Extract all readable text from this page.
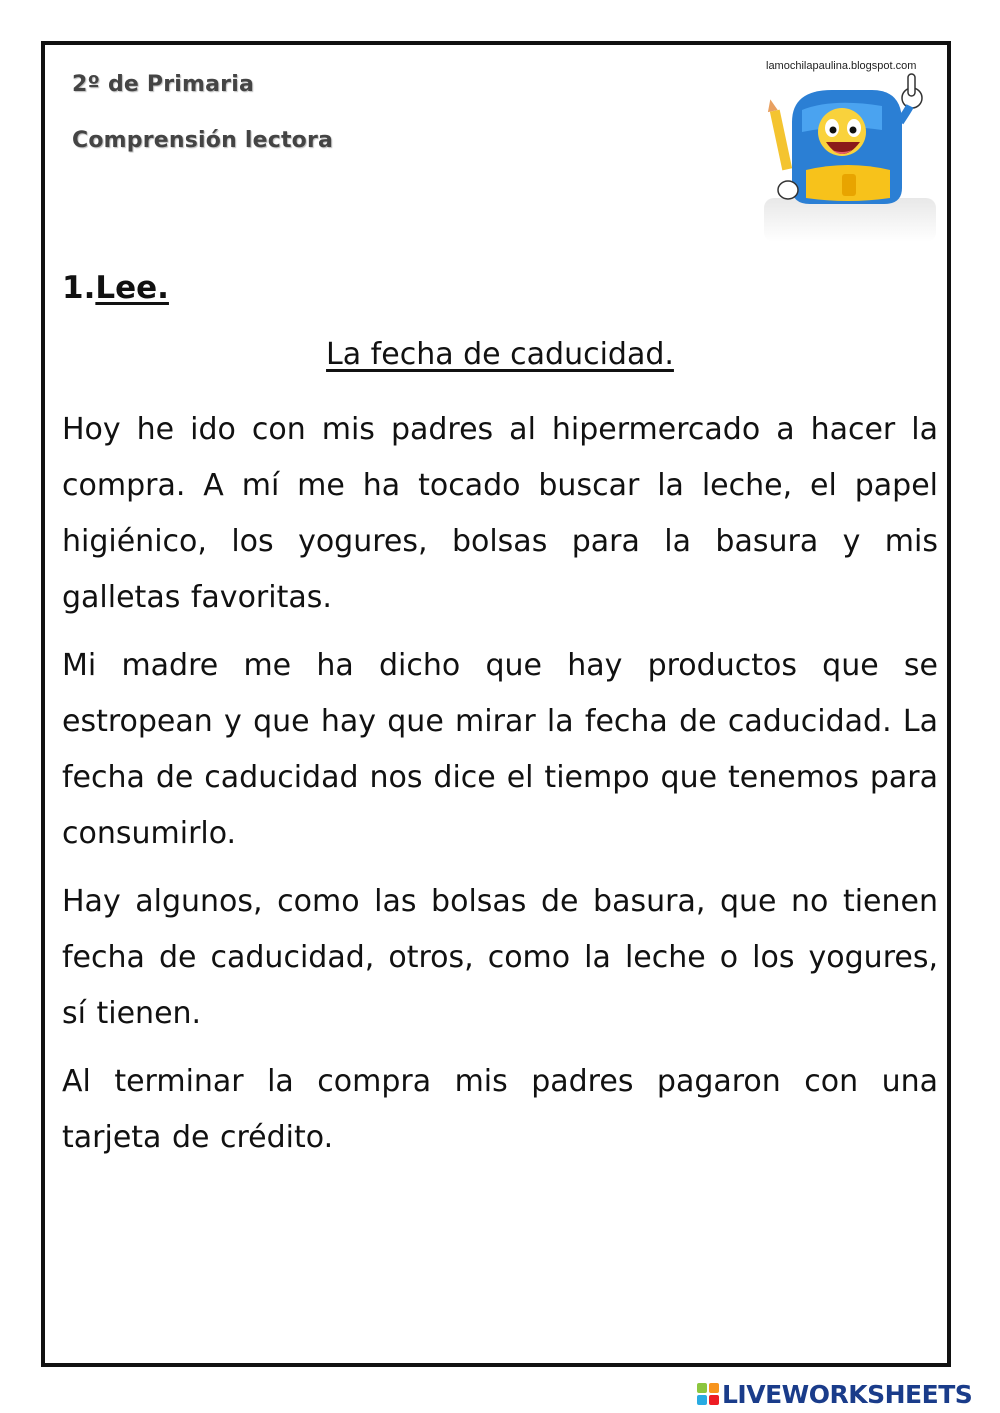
2º de Primaria
Comprensión lectora
lamochilapaulina.blogspot.com
1.Lee.
La fecha de caducidad.

Hoy he ido con mis padres al hipermercado a hacer la compra. A mí me ha tocado buscar la leche, el papel higiénico, los yogures, bolsas para la basura y mis galletas favoritas.

Mi madre me ha dicho que hay productos que se estropean y que hay que mirar la fecha de caducidad. La fecha de caducidad nos dice el tiempo que tenemos para consumirlo.

Hay algunos, como las bolsas de basura, que no tienen fecha de caducidad, otros, como la leche o los yogures, sí tienen.

Al terminar la compra mis padres pagaron con una tarjeta de crédito.

LIVEWORKSHEETS
